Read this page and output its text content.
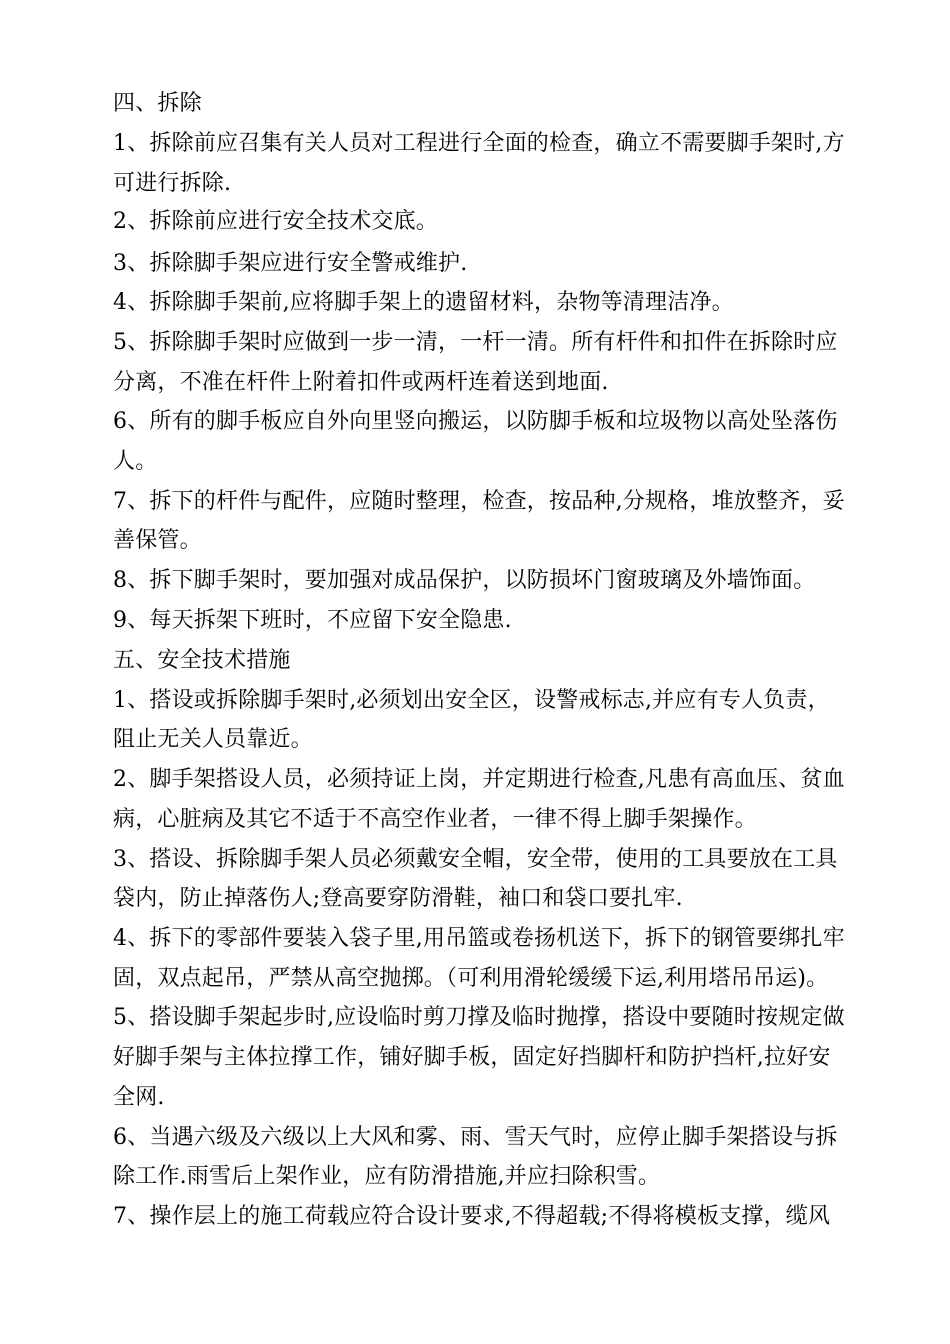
四、拆除
1、拆除前应召集有关人员对工程进行全面的检查，确立不需要脚手架时,方
可进行拆除.
2、拆除前应进行安全技术交底。
3、拆除脚手架应进行安全警戒维护.
4、拆除脚手架前,应将脚手架上的遗留材料，杂物等清理洁净。
5、拆除脚手架时应做到一步一清，一杆一清。所有杆件和扣件在拆除时应
分离，不准在杆件上附着扣件或两杆连着送到地面.
6、所有的脚手板应自外向里竖向搬运，以防脚手板和垃圾物以高处坠落伤
人。
7、拆下的杆件与配件，应随时整理，检查，按品种,分规格，堆放整齐，妥
善保管。
8、拆下脚手架时，要加强对成品保护，以防损坏门窗玻璃及外墙饰面。
9、每天拆架下班时，不应留下安全隐患.
五、安全技术措施
1、搭设或拆除脚手架时,必须划出安全区，设警戒标志,并应有专人负责，
阻止无关人员靠近。
2、脚手架搭设人员，必须持证上岗，并定期进行检查,凡患有高血压、贫血
病，心脏病及其它不适于不高空作业者，一律不得上脚手架操作。
3、搭设、拆除脚手架人员必须戴安全帽，安全带，使用的工具要放在工具
袋内，防止掉落伤人;登高要穿防滑鞋，袖口和袋口要扎牢.
4、拆下的零部件要装入袋子里,用吊篮或卷扬机送下，拆下的钢管要绑扎牢
固，双点起吊，严禁从高空抛掷。（可利用滑轮缓缓下运,利用塔吊吊运)。
5、搭设脚手架起步时,应设临时剪刀撑及临时抛撑，搭设中要随时按规定做
好脚手架与主体拉撑工作，铺好脚手板，固定好挡脚杆和防护挡杆,拉好安
全网.
6、当遇六级及六级以上大风和雾、雨、雪天气时，应停止脚手架搭设与拆
除工作.雨雪后上架作业，应有防滑措施,并应扫除积雪。
7、操作层上的施工荷载应符合设计要求,不得超载;不得将模板支撑，缆风
